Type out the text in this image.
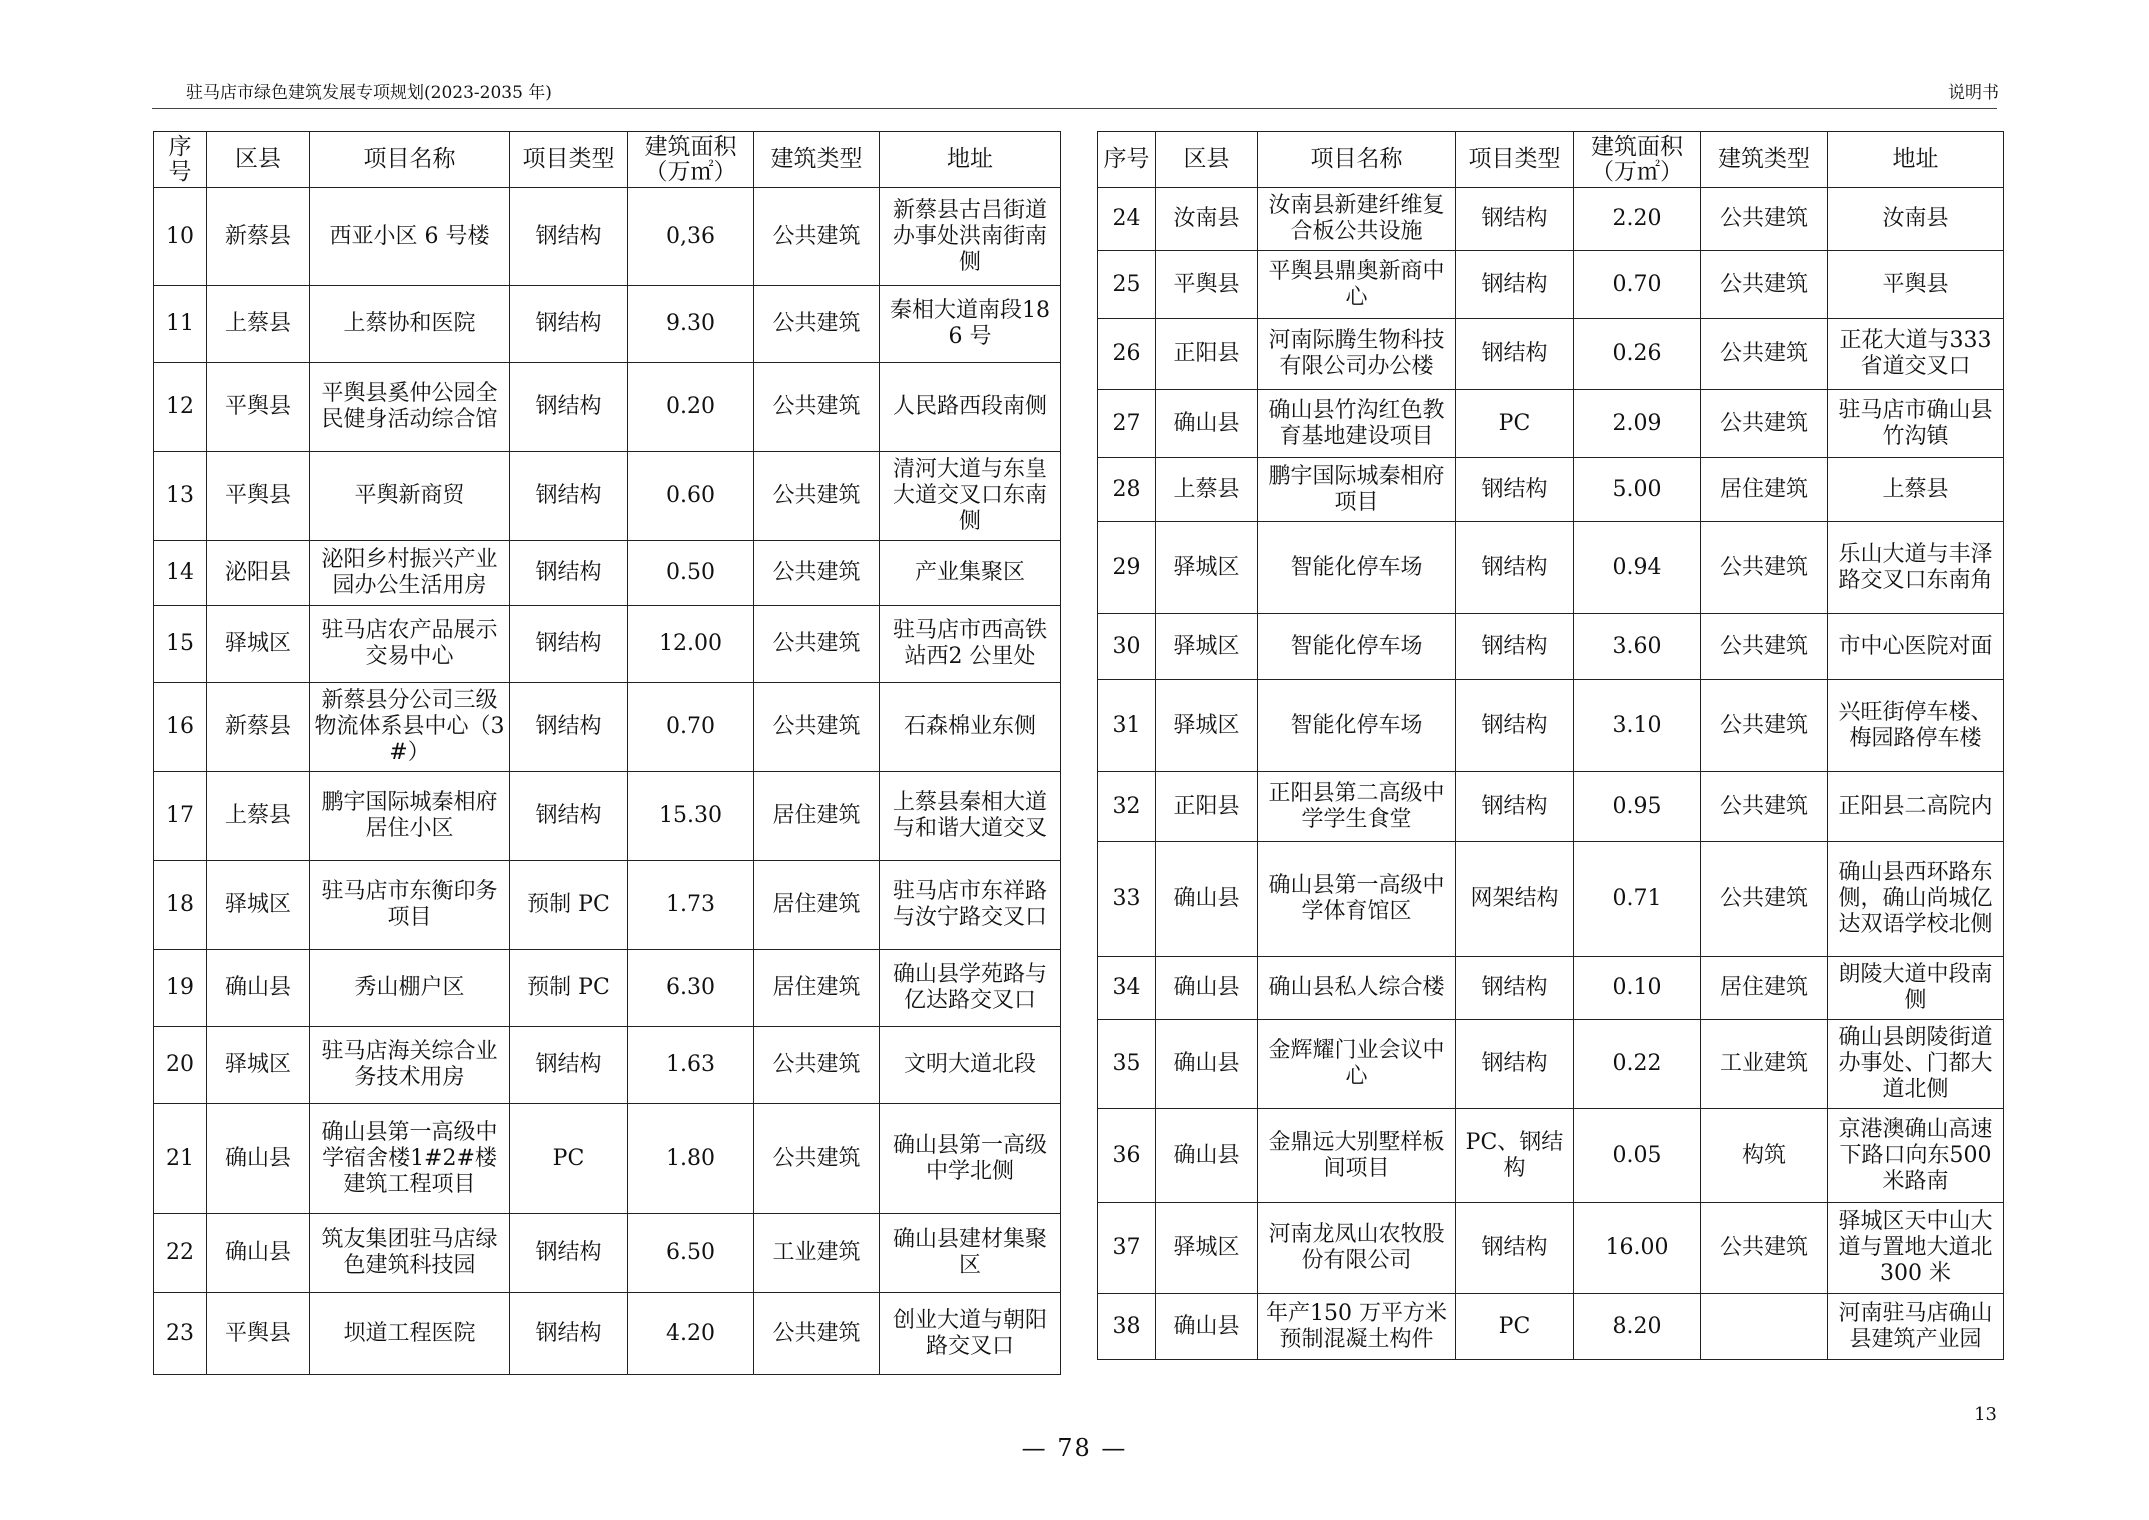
驻马店市绿色建筑发展专项规划(2023-2035 年)	说明书
序号	区县	项目名称	项目类型	建筑面积（万㎡）	建筑类型	地址
10	新蔡县	西亚小区 6 号楼	钢结构	0,36	公共建筑	新蔡县古吕街道办事处洪南街南侧
11	上蔡县	上蔡协和医院	钢结构	9.30	公共建筑	秦相大道南段186 号
12	平舆县	平舆县奚仲公园全民健身活动综合馆	钢结构	0.20	公共建筑	人民路西段南侧
13	平舆县	平舆新商贸	钢结构	0.60	公共建筑	清河大道与东皇大道交叉口东南侧
14	泌阳县	泌阳乡村振兴产业园办公生活用房	钢结构	0.50	公共建筑	产业集聚区
15	驿城区	驻马店农产品展示交易中心	钢结构	12.00	公共建筑	驻马店市西高铁站西2 公里处
16	新蔡县	新蔡县分公司三级物流体系县中心（3#）	钢结构	0.70	公共建筑	石森棉业东侧
17	上蔡县	鹏宇国际城秦相府居住小区	钢结构	15.30	居住建筑	上蔡县秦相大道与和谐大道交叉
18	驿城区	驻马店市东衡印务项目	预制 PC	1.73	居住建筑	驻马店市东祥路与汝宁路交叉口
19	确山县	秀山棚户区	预制 PC	6.30	居住建筑	确山县学苑路与亿达路交叉口
20	驿城区	驻马店海关综合业务技术用房	钢结构	1.63	公共建筑	文明大道北段
21	确山县	确山县第一高级中学宿舍楼1#2#楼建筑工程项目	PC	1.80	公共建筑	确山县第一高级中学北侧
22	确山县	筑友集团驻马店绿色建筑科技园	钢结构	6.50	工业建筑	确山县建材集聚区
23	平舆县	坝道工程医院	钢结构	4.20	公共建筑	创业大道与朝阳路交叉口
序号	区县	项目名称	项目类型	建筑面积（万㎡）	建筑类型	地址
24	汝南县	汝南县新建纤维复合板公共设施	钢结构	2.20	公共建筑	汝南县
25	平舆县	平舆县鼎奥新商中心	钢结构	0.70	公共建筑	平舆县
26	正阳县	河南际腾生物科技有限公司办公楼	钢结构	0.26	公共建筑	正花大道与333 省道交叉口
27	确山县	确山县竹沟红色教育基地建设项目	PC	2.09	公共建筑	驻马店市确山县竹沟镇
28	上蔡县	鹏宇国际城秦相府项目	钢结构	5.00	居住建筑	上蔡县
29	驿城区	智能化停车场	钢结构	0.94	公共建筑	乐山大道与丰泽路交叉口东南角
30	驿城区	智能化停车场	钢结构	3.60	公共建筑	市中心医院对面
31	驿城区	智能化停车场	钢结构	3.10	公共建筑	兴旺街停车楼、梅园路停车楼
32	正阳县	正阳县第二高级中学学生食堂	钢结构	0.95	公共建筑	正阳县二高院内
33	确山县	确山县第一高级中学体育馆区	网架结构	0.71	公共建筑	确山县西环路东侧，确山尚城亿达双语学校北侧
34	确山县	确山县私人综合楼	钢结构	0.10	居住建筑	朗陵大道中段南侧
35	确山县	金辉耀门业会议中心	钢结构	0.22	工业建筑	确山县朗陵街道办事处、门都大道北侧
36	确山县	金鼎远大别墅样板间项目	PC、钢结构	0.05	构筑	京港澳确山高速下路口向东500 米路南
37	驿城区	河南龙凤山农牧股份有限公司	钢结构	16.00	公共建筑	驿城区天中山大道与置地大道北 300 米
38	确山县	年产150 万平方米预制混凝土构件	PC	8.20		河南驻马店确山县建筑产业园
13
— 78 —
